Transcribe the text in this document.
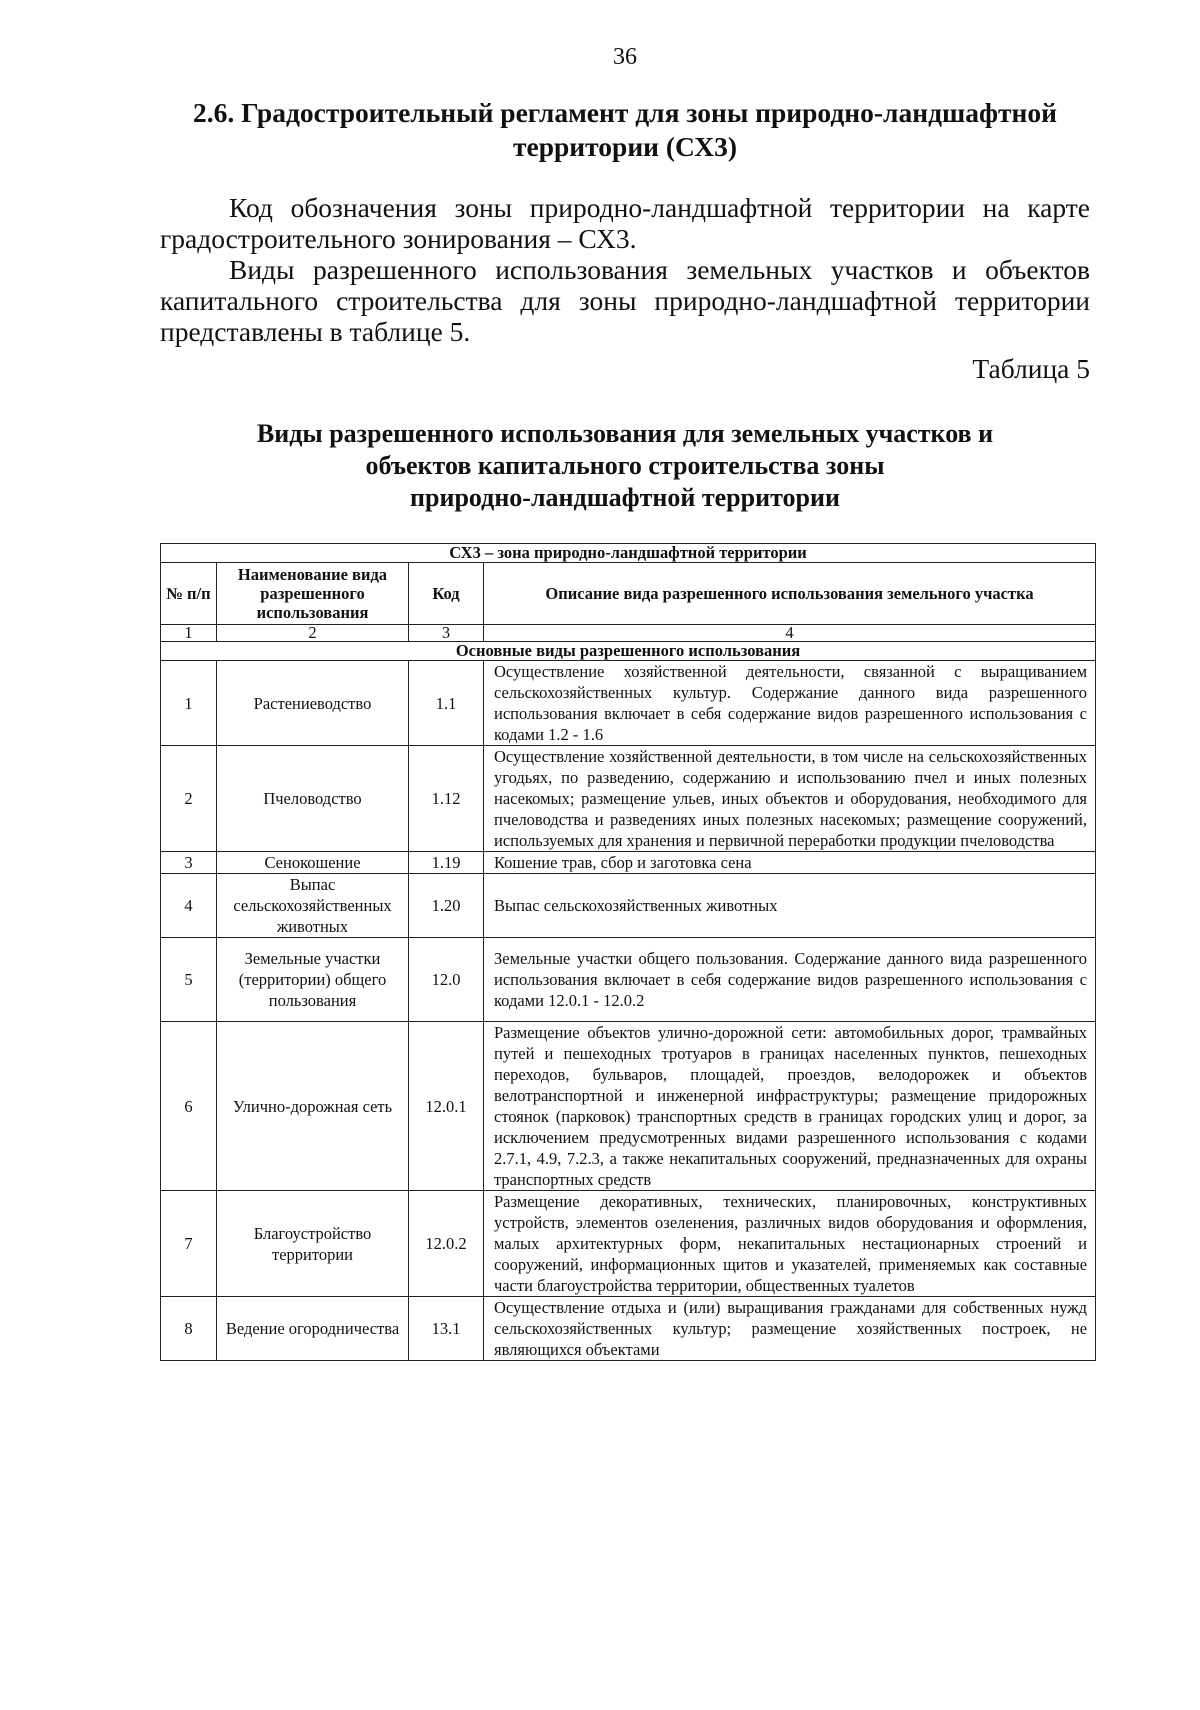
36
2.6. Градостроительный регламент для зоны природно-ландшафтной
территории (СХ3)

Код обозначения зоны природно-ландшафтной территории на карте градостроительного зонирования – СХ3.

Виды разрешенного использования земельных участков и объектов капитального строительства для зоны природно-ландшафтной территории представлены в таблице 5.

Таблица 5
Виды разрешенного использования для земельных участков и
объектов капитального строительства зоны
природно-ландшафтной территории
СХ3 – зона природно-ландшафтной территории			
№ п/п	Наименование вида разрешенного использования	Код	Описание вида разрешенного использования земельного участка
1	2	3	4
Основные виды разрешенного использования			
1	Растениеводство	1.1	Осуществление хозяйственной деятельности, связанной с выращиванием сельскохозяйственных культур. Содержание данного вида разрешенного использования включает в себя содержание видов разрешенного использования с кодами 1.2 - 1.6
2	Пчеловодство	1.12	Осуществление хозяйственной деятельности, в том числе на сельскохозяйственных угодьях, по разведению, содержанию и использованию пчел и иных полезных насекомых; размещение ульев, иных объектов и оборудования, необходимого для пчеловодства и разведениях иных полезных насекомых; размещение сооружений, используемых для хранения и первичной переработки продукции пчеловодства
3	Сенокошение	1.19	Кошение трав, сбор и заготовка сена
4	Выпас сельскохозяйственных животных	1.20	Выпас сельскохозяйственных животных
5	Земельные участки (территории) общего пользования	12.0	Земельные участки общего пользования. Содержание данного вида разрешенного использования включает в себя содержание видов разрешенного использования с кодами 12.0.1 - 12.0.2
6	Улично-дорожная сеть	12.0.1	Размещение объектов улично-дорожной сети: автомобильных дорог, трамвайных путей и пешеходных тротуаров в границах населенных пунктов, пешеходных переходов, бульваров, площадей, проездов, велодорожек и объектов велотранспортной и инженерной инфраструктуры; размещение придорожных стоянок (парковок) транспортных средств в границах городских улиц и дорог, за исключением предусмотренных видами разрешенного использования с кодами 2.7.1, 4.9, 7.2.3, а также некапитальных сооружений, предназначенных для охраны транспортных средств
7	Благоустройство территории	12.0.2	Размещение декоративных, технических, планировочных, конструктивных устройств, элементов озеленения, различных видов оборудования и оформления, малых архитектурных форм, некапитальных нестационарных строений и сооружений, информационных щитов и указателей, применяемых как составные части благоустройства территории, общественных туалетов
8	Ведение огородничества	13.1	Осуществление отдыха и (или) выращивания гражданами для собственных нужд сельскохозяйственных культур; размещение хозяйственных построек, не являющихся объектами
